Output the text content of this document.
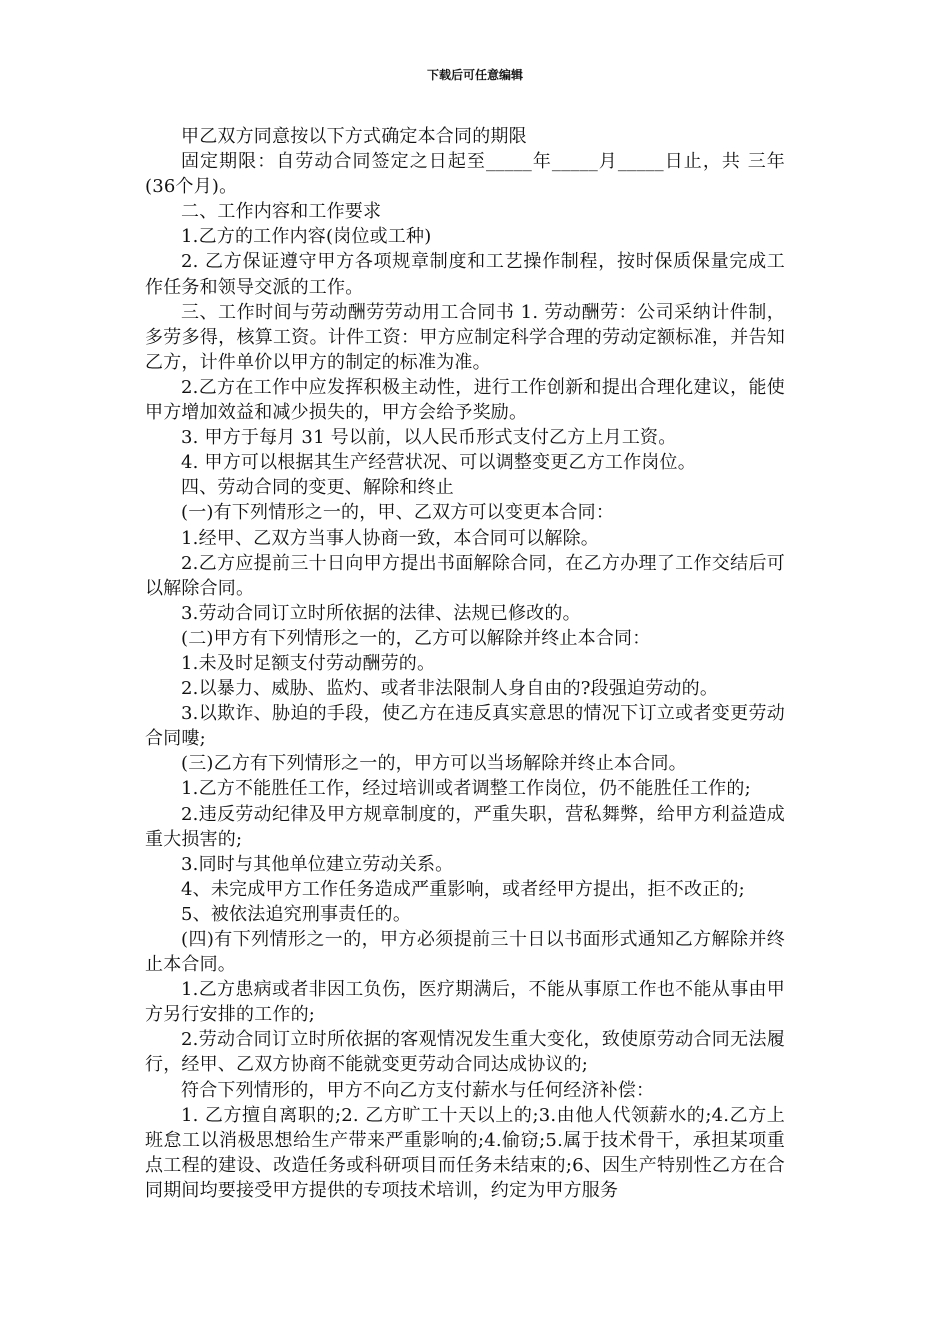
下载后可任意编辑

甲乙双方同意按以下方式确定本合同的期限

固定期限：自劳动合同签定之日起至_____年_____月_____日止，共 三年(36个月)。

二、工作内容和工作要求

1.乙方的工作内容(岗位或工种)

2. 乙方保证遵守甲方各项规章制度和工艺操作制程，按时保质保量完成工作任务和领导交派的工作。

三、工作时间与劳动酬劳劳动用工合同书 1. 劳动酬劳：公司采纳计件制，多劳多得，核算工资。计件工资：甲方应制定科学合理的劳动定额标准，并告知乙方，计件单价以甲方的制定的标准为准。

2.乙方在工作中应发挥积极主动性，进行工作创新和提出合理化建议，能使甲方增加效益和减少损失的，甲方会给予奖励。

3. 甲方于每月 31 号以前，以人民币形式支付乙方上月工资。

4. 甲方可以根据其生产经营状况、可以调整变更乙方工作岗位。

四、劳动合同的变更、解除和终止

(一)有下列情形之一的，甲、乙双方可以变更本合同：

1.经甲、乙双方当事人协商一致，本合同可以解除。

2.乙方应提前三十日向甲方提出书面解除合同，在乙方办理了工作交结后可以解除合同。

3.劳动合同订立时所依据的法律、法规已修改的。

(二)甲方有下列情形之一的，乙方可以解除并终止本合同：

1.未及时足额支付劳动酬劳的。

2.以暴力、威胁、监灼、或者非法限制人身自由的?段强迫劳动的。

3.以欺诈、胁迫的手段，使乙方在违反真实意思的情况下订立或者变更劳动合同嘍;

(三)乙方有下列情形之一的，甲方可以当场解除并终止本合同。

1.乙方不能胜任工作，经过培训或者调整工作岗位，仍不能胜任工作的;

2.违反劳动纪律及甲方规章制度的，严重失职，营私舞弊，给甲方利益造成重大损害的;

3.同时与其他单位建立劳动关系。

4、未完成甲方工作任务造成严重影响，或者经甲方提出，拒不改正的;

5、被依法追究刑事责任的。

(四)有下列情形之一的，甲方必须提前三十日以书面形式通知乙方解除并终止本合同。

1.乙方患病或者非因工负伤，医疗期满后，不能从事原工作也不能从事由甲方另行安排的工作的;

2.劳动合同订立时所依据的客观情况发生重大变化，致使原劳动合同无法履行，经甲、乙双方协商不能就变更劳动合同达成协议的;

符合下列情形的，甲方不向乙方支付薪水与任何经济补偿：

1. 乙方擅自离职的;2. 乙方旷工十天以上的;3.由他人代领薪水的;4.乙方上班怠工以消极思想给生产带来严重影响的;4.偷窃;5.属于技术骨干，承担某项重点工程的建设、改造任务或科研项目而任务未结束的;6、因生产特别性乙方在合同期间均要接受甲方提供的专项技术培训，约定为甲方服务
